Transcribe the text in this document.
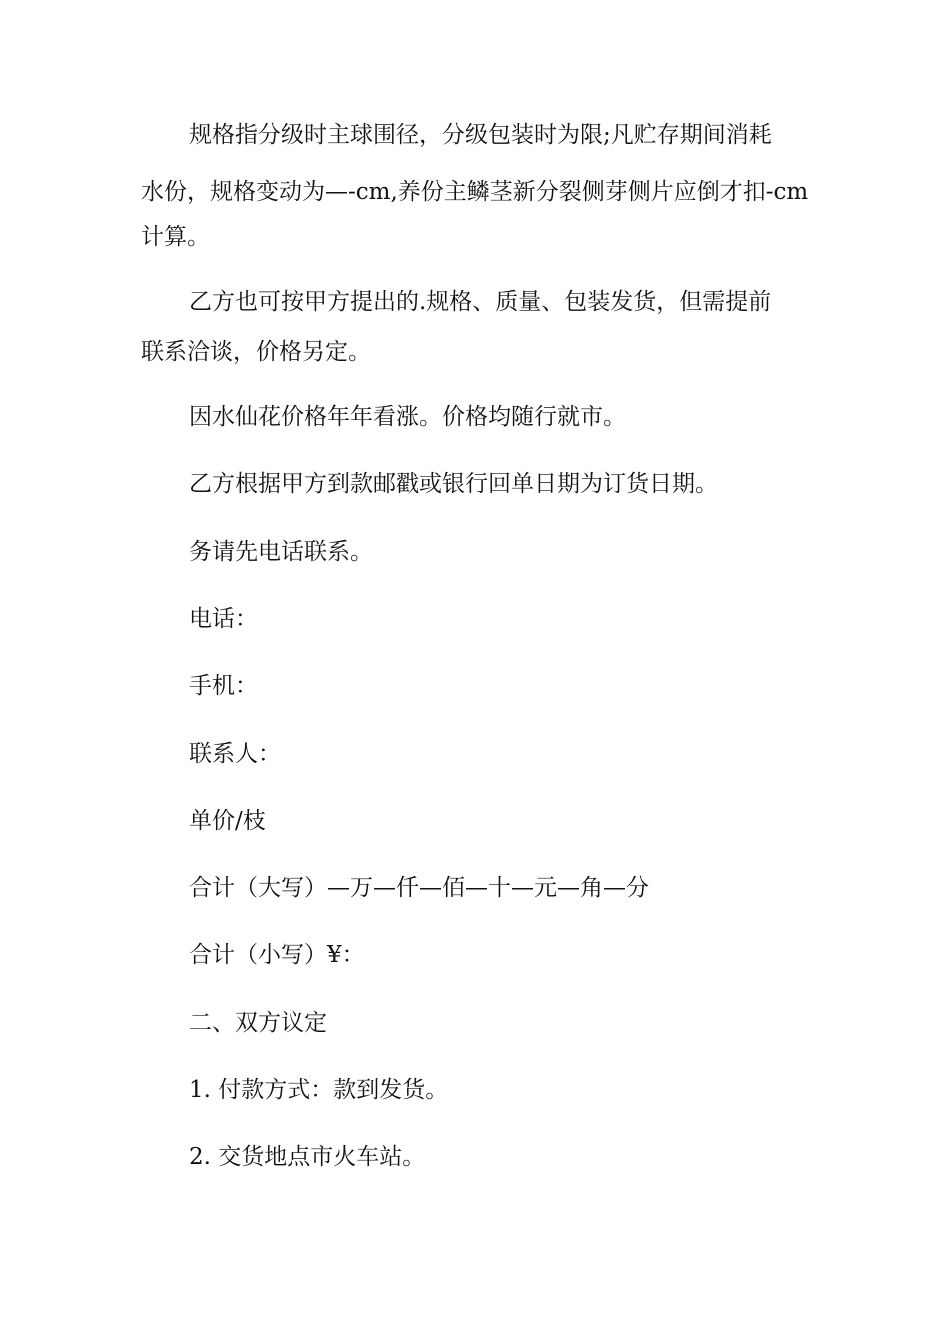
规格指分级时主球围径，分级包装时为限;凡贮存期间消耗

水份，规格变动为—-cm,养份主鳞茎新分裂侧芽侧片应倒才扣-cm

计算。

乙方也可按甲方提出的.规格、质量、包装发货，但需提前

联系洽谈，价格另定。

因水仙花价格年年看涨。价格均随行就市。

乙方根据甲方到款邮戳或银行回单日期为订货日期。

务请先电话联系。

电话：

手机：

联系人：

单价/枝

合计（大写）—万—仟—佰—十—元—角—分

合计（小写）¥：

二、双方议定

1. 付款方式：款到发货。

2. 交货地点市火车站。
